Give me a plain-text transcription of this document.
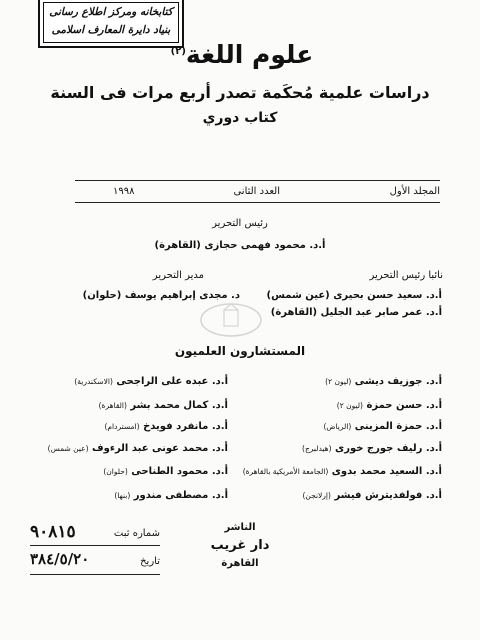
كتابخانه ومركز اطلاع رسانى
بنياد دايرة المعارف اسلامى
علوم اللغة$^{(٢)}$
دراسات علمية مُحكَمة تصدر أربع مرات فى السنة
كتاب دوري
المجلد الأول
العدد الثانى
١٩٩٨
رئيس التحرير
أ.د. محمود فهمى حجازى (القاهرة)
نائبا رئيس التحرير
أ.د. سعيد حسن بحيرى (عين شمس)
أ.د. عمر صابر عبد الجليل (القاهرة)
مدير التحرير
د. مجدى إبراهيم يوسف (حلوان)
المستشارون العلميون
أ.د. جوزيف ديشى (ليون ٢)
أ.د. حسن حمزة (ليون ٢)
أ.د. حمزة المزينى (الرياض)
أ.د. رليف جورج خورى (هيدلبرج)
أ.د. السعيد محمد بدوى (الجامعة الأمريكية بالقاهرة)
أ.د. فولفديترش فيشر (إرلانجن)
أ.د. عبده على الراجحى (الاسكندرية)
أ.د. كمال محمد بشر (القاهرة)
أ.د. مانفرد فويدخ (امستردام)
أ.د. محمد عونى عبد الرءوف (عين شمس)
أ.د. محمود الطناحى (حلوان)
أ.د. مصطفى مندور (بنها)
الناشر
دار غريب
القاهرة
٩٠٨١٥	شماره ثبت
٣٨٤/٥/٢٠	تاريخ
